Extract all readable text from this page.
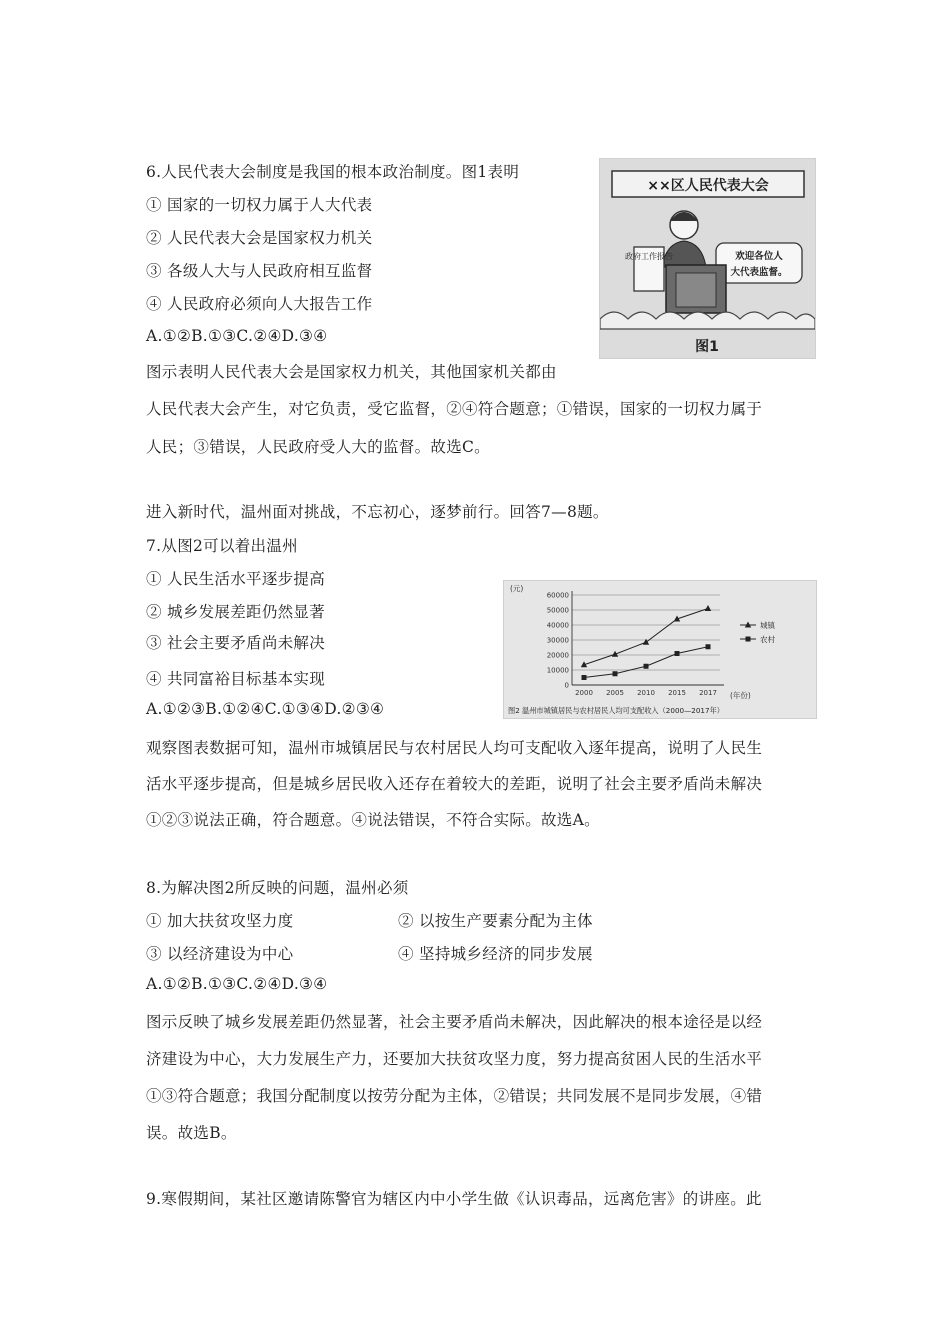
6.人民代表大会制度是我国的根本政治制度。图1表明
① 国家的一切权力属于人大代表
② 人民代表大会是国家权力机关
③ 各级人大与人民政府相互监督
④ 人民政府必须向人大报告工作
A.①②B.①③C.②④D.③④
图示表明人民代表大会是国家权力机关，其他国家机关都由
人民代表大会产生，对它负责，受它监督，②④符合题意；①错误，国家的一切权力属于
人民；③错误，人民政府受人大的监督。故选C。
××区人民代表大会
政府工作报告	欢迎各位人
大代表监督。
图1
进入新时代，温州面对挑战，不忘初心，逐梦前行。回答7—8题。
7.从图2可以着出温州
① 人民生活水平逐步提高
② 城乡发展差距仍然显著
③ 社会主要矛盾尚未解决
④ 共同富裕目标基本实现
A.①②③B.①②④C.①③④D.②③④
观察图表数据可知，温州市城镇居民与农村居民人均可支配收入逐年提高，说明了人民生
活水平逐步提高，但是城乡居民收入还存在着较大的差距，说明了社会主要矛盾尚未解决
①②③说法正确，符合题意。④说法错误，不符合实际。故选A。
0
10000
20000
30000
40000
50000
60000
2000 2005 2010 2015 2017
城镇
农村
(元)
(年份)
图2 温州市城镇居民与农村居民人均可支配收入（2000—2017年）
8.为解决图2所反映的问题，温州必须
① 加大扶贫攻坚力度	② 以按生产要素分配为主体
③ 以经济建设为中心	④ 坚持城乡经济的同步发展
A.①②B.①③C.②④D.③④
图示反映了城乡发展差距仍然显著，社会主要矛盾尚未解决，因此解决的根本途径是以经
济建设为中心，大力发展生产力，还要加大扶贫攻坚力度，努力提高贫困人民的生活水平
①③符合题意；我国分配制度以按劳分配为主体，②错误；共同发展不是同步发展，④错
误。故选B。
9.寒假期间，某社区邀请陈警官为辖区内中小学生做《认识毒品，远离危害》的讲座。此
